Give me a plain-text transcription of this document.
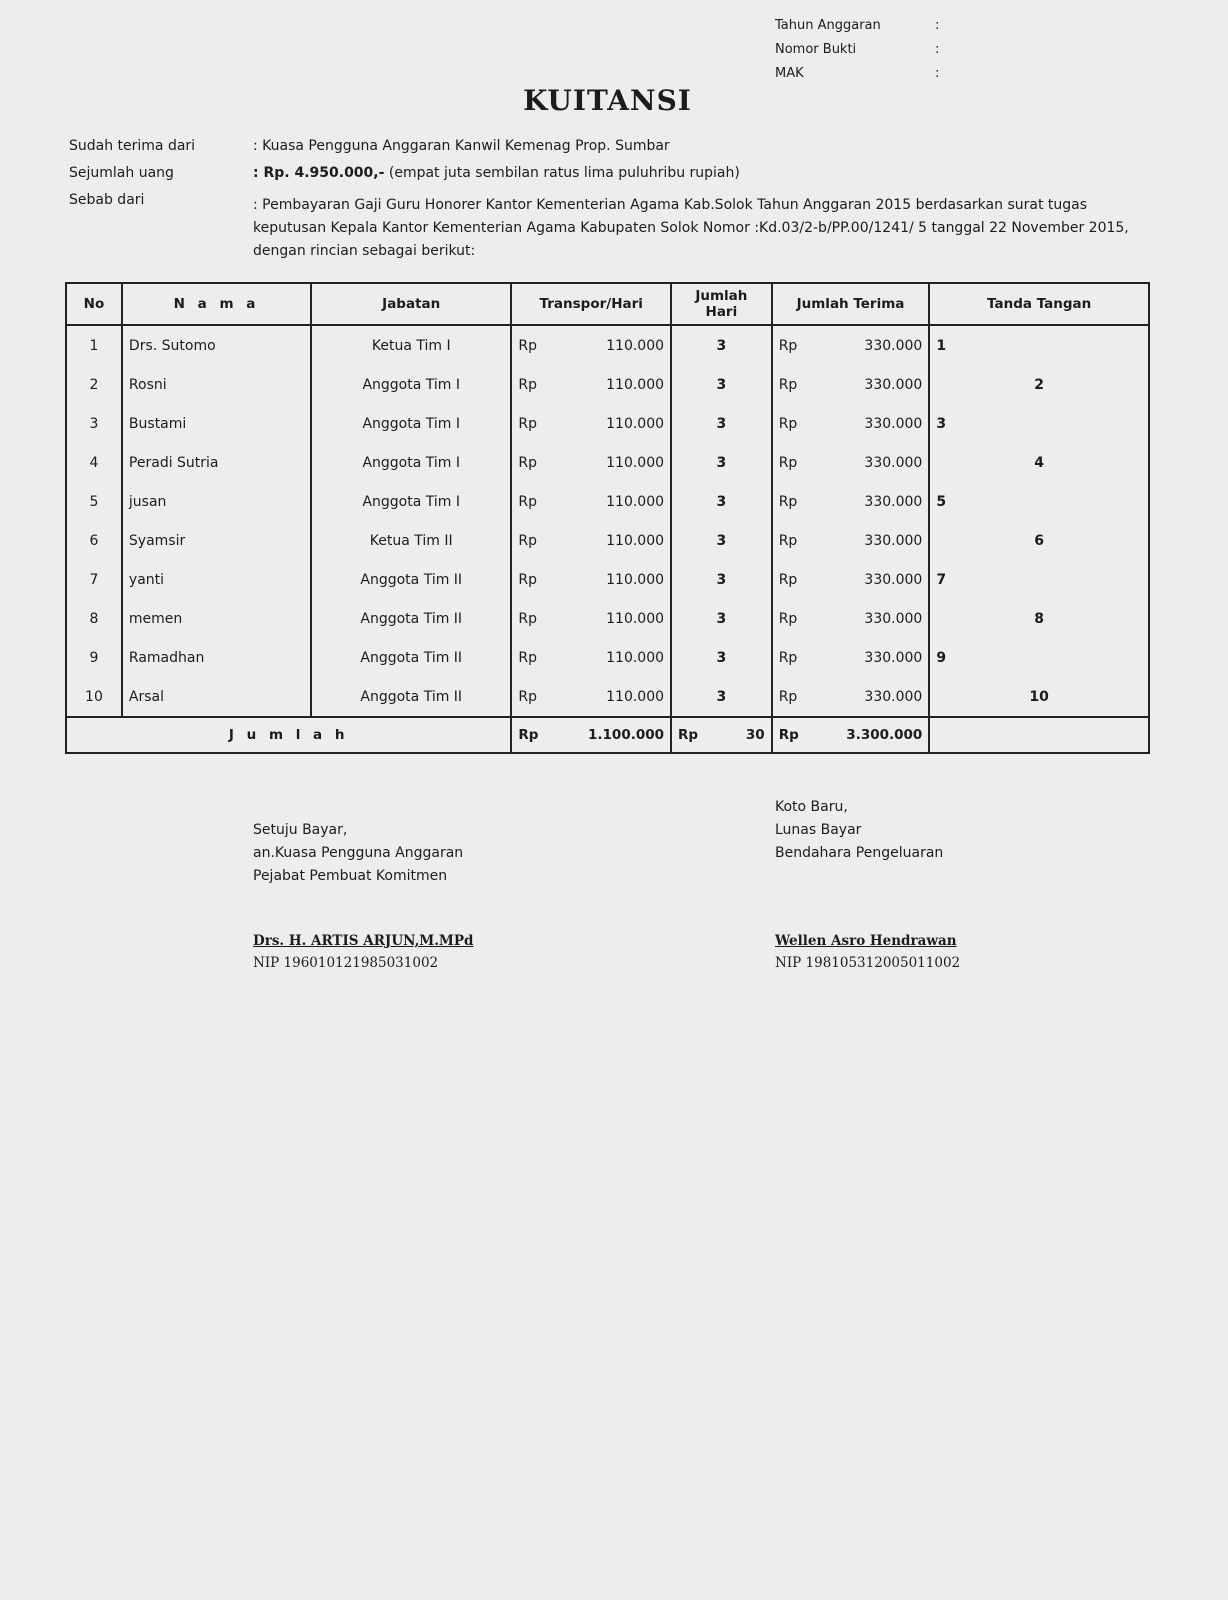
Tahun Anggaran	:
Nomor Bukti	:
MAK	:
KUITANSI
Sudah terima dari	: Kuasa Pengguna Anggaran Kanwil Kemenag Prop. Sumbar
Sejumlah uang	: Rp. 4.950.000,- (empat juta sembilan ratus lima puluhribu rupiah)
Sebab dari	: Pembayaran Gaji Guru Honorer Kantor Kementerian Agama Kab.Solok Tahun Anggaran 2015 berdasarkan surat tugas keputusan Kepala Kantor Kementerian Agama Kabupaten Solok Nomor :Kd.03/2-b/PP.00/1241/ 5 tanggal 22 November 2015, dengan rincian sebagai berikut:
No	N a m a	Jabatan	Transpor/Hari	Jumlah Hari	Jumlah Terima	Tanda Tangan
1	Drs. Sutomo	Ketua Tim I	Rp 110.000	3	Rp 330.000	1
2	Rosni	Anggota Tim I	Rp 110.000	3	Rp 330.000	2
3	Bustami	Anggota Tim I	Rp 110.000	3	Rp 330.000	3
4	Peradi Sutria	Anggota Tim I	Rp 110.000	3	Rp 330.000	4
5	jusan	Anggota Tim I	Rp 110.000	3	Rp 330.000	5
6	Syamsir	Ketua Tim II	Rp 110.000	3	Rp 330.000	6
7	yanti	Anggota Tim II	Rp 110.000	3	Rp 330.000	7
8	memen	Anggota Tim II	Rp 110.000	3	Rp 330.000	8
9	Ramadhan	Anggota Tim II	Rp 110.000	3	Rp 330.000	9
10	Arsal	Anggota Tim II	Rp 110.000	3	Rp 330.000	10
J u m l a h			Rp 1.100.000	Rp 30	Rp 3.300.000	

Setuju Bayar,
an.Kuasa Pengguna Anggaran
Pejabat Pembuat Komitmen
Drs. H. ARTIS ARJUN,M.MPd
NIP 196010121985031002
Koto Baru,
Lunas Bayar
Bendahara Pengeluaran
Wellen Asro Hendrawan
NIP 198105312005011002
